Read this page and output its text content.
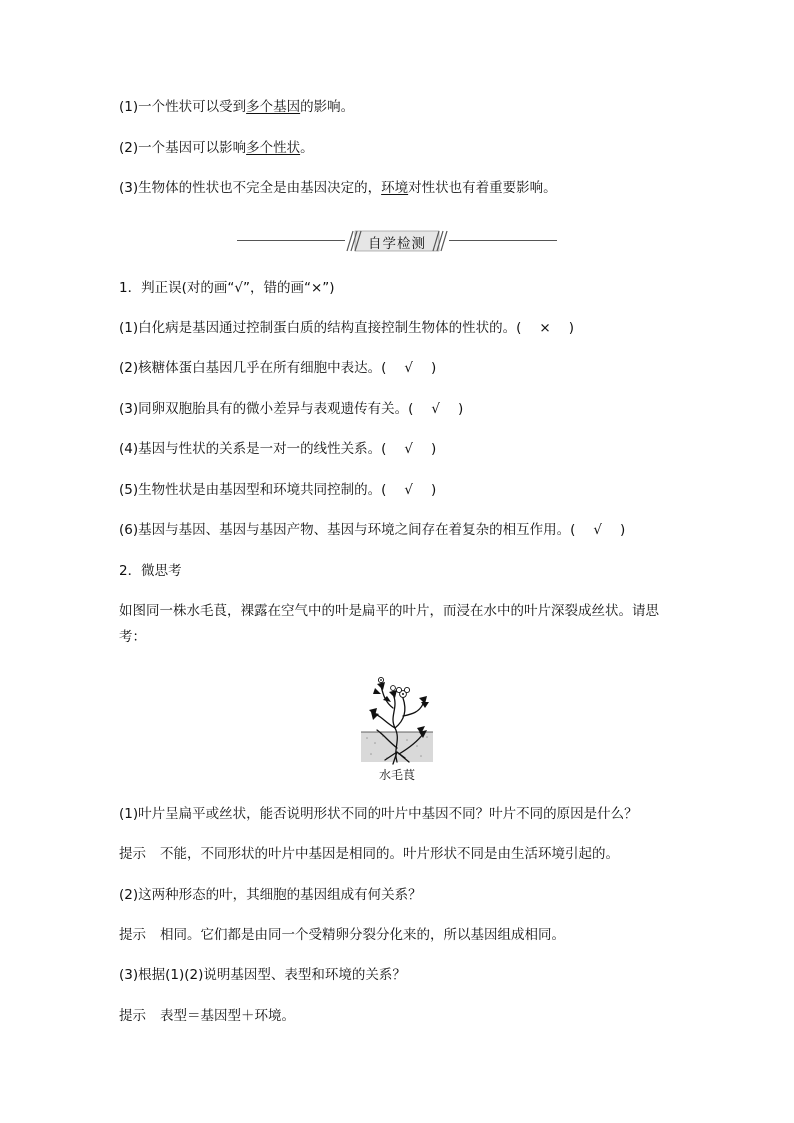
(1)一个性状可以受到多个基因的影响。
(2)一个基因可以影响多个性状。
(3)生物体的性状也不完全是由基因决定的，环境对性状也有着重要影响。
自学检测
1．判正误(对的画“√”，错的画“×”)
(1)白化病是基因通过控制蛋白质的结构直接控制生物体的性状的。( × )
(2)核糖体蛋白基因几乎在所有细胞中表达。( √ )
(3)同卵双胞胎具有的微小差异与表观遗传有关。( √ )
(4)基因与性状的关系是一对一的线性关系。( √ )
(5)生物性状是由基因型和环境共同控制的。( √ )
(6)基因与基因、基因与基因产物、基因与环境之间存在着复杂的相互作用。( √ )
2．微思考
如图同一株水毛茛，裸露在空气中的叶是扁平的叶片，而浸在水中的叶片深裂成丝状。请思考：
水毛茛
(1)叶片呈扁平或丝状，能否说明形状不同的叶片中基因不同？叶片不同的原因是什么？
提示 不能，不同形状的叶片中基因是相同的。叶片形状不同是由生活环境引起的。
(2)这两种形态的叶，其细胞的基因组成有何关系？
提示 相同。它们都是由同一个受精卵分裂分化来的，所以基因组成相同。
(3)根据(1)(2)说明基因型、表型和环境的关系？
提示 表型＝基因型＋环境。
